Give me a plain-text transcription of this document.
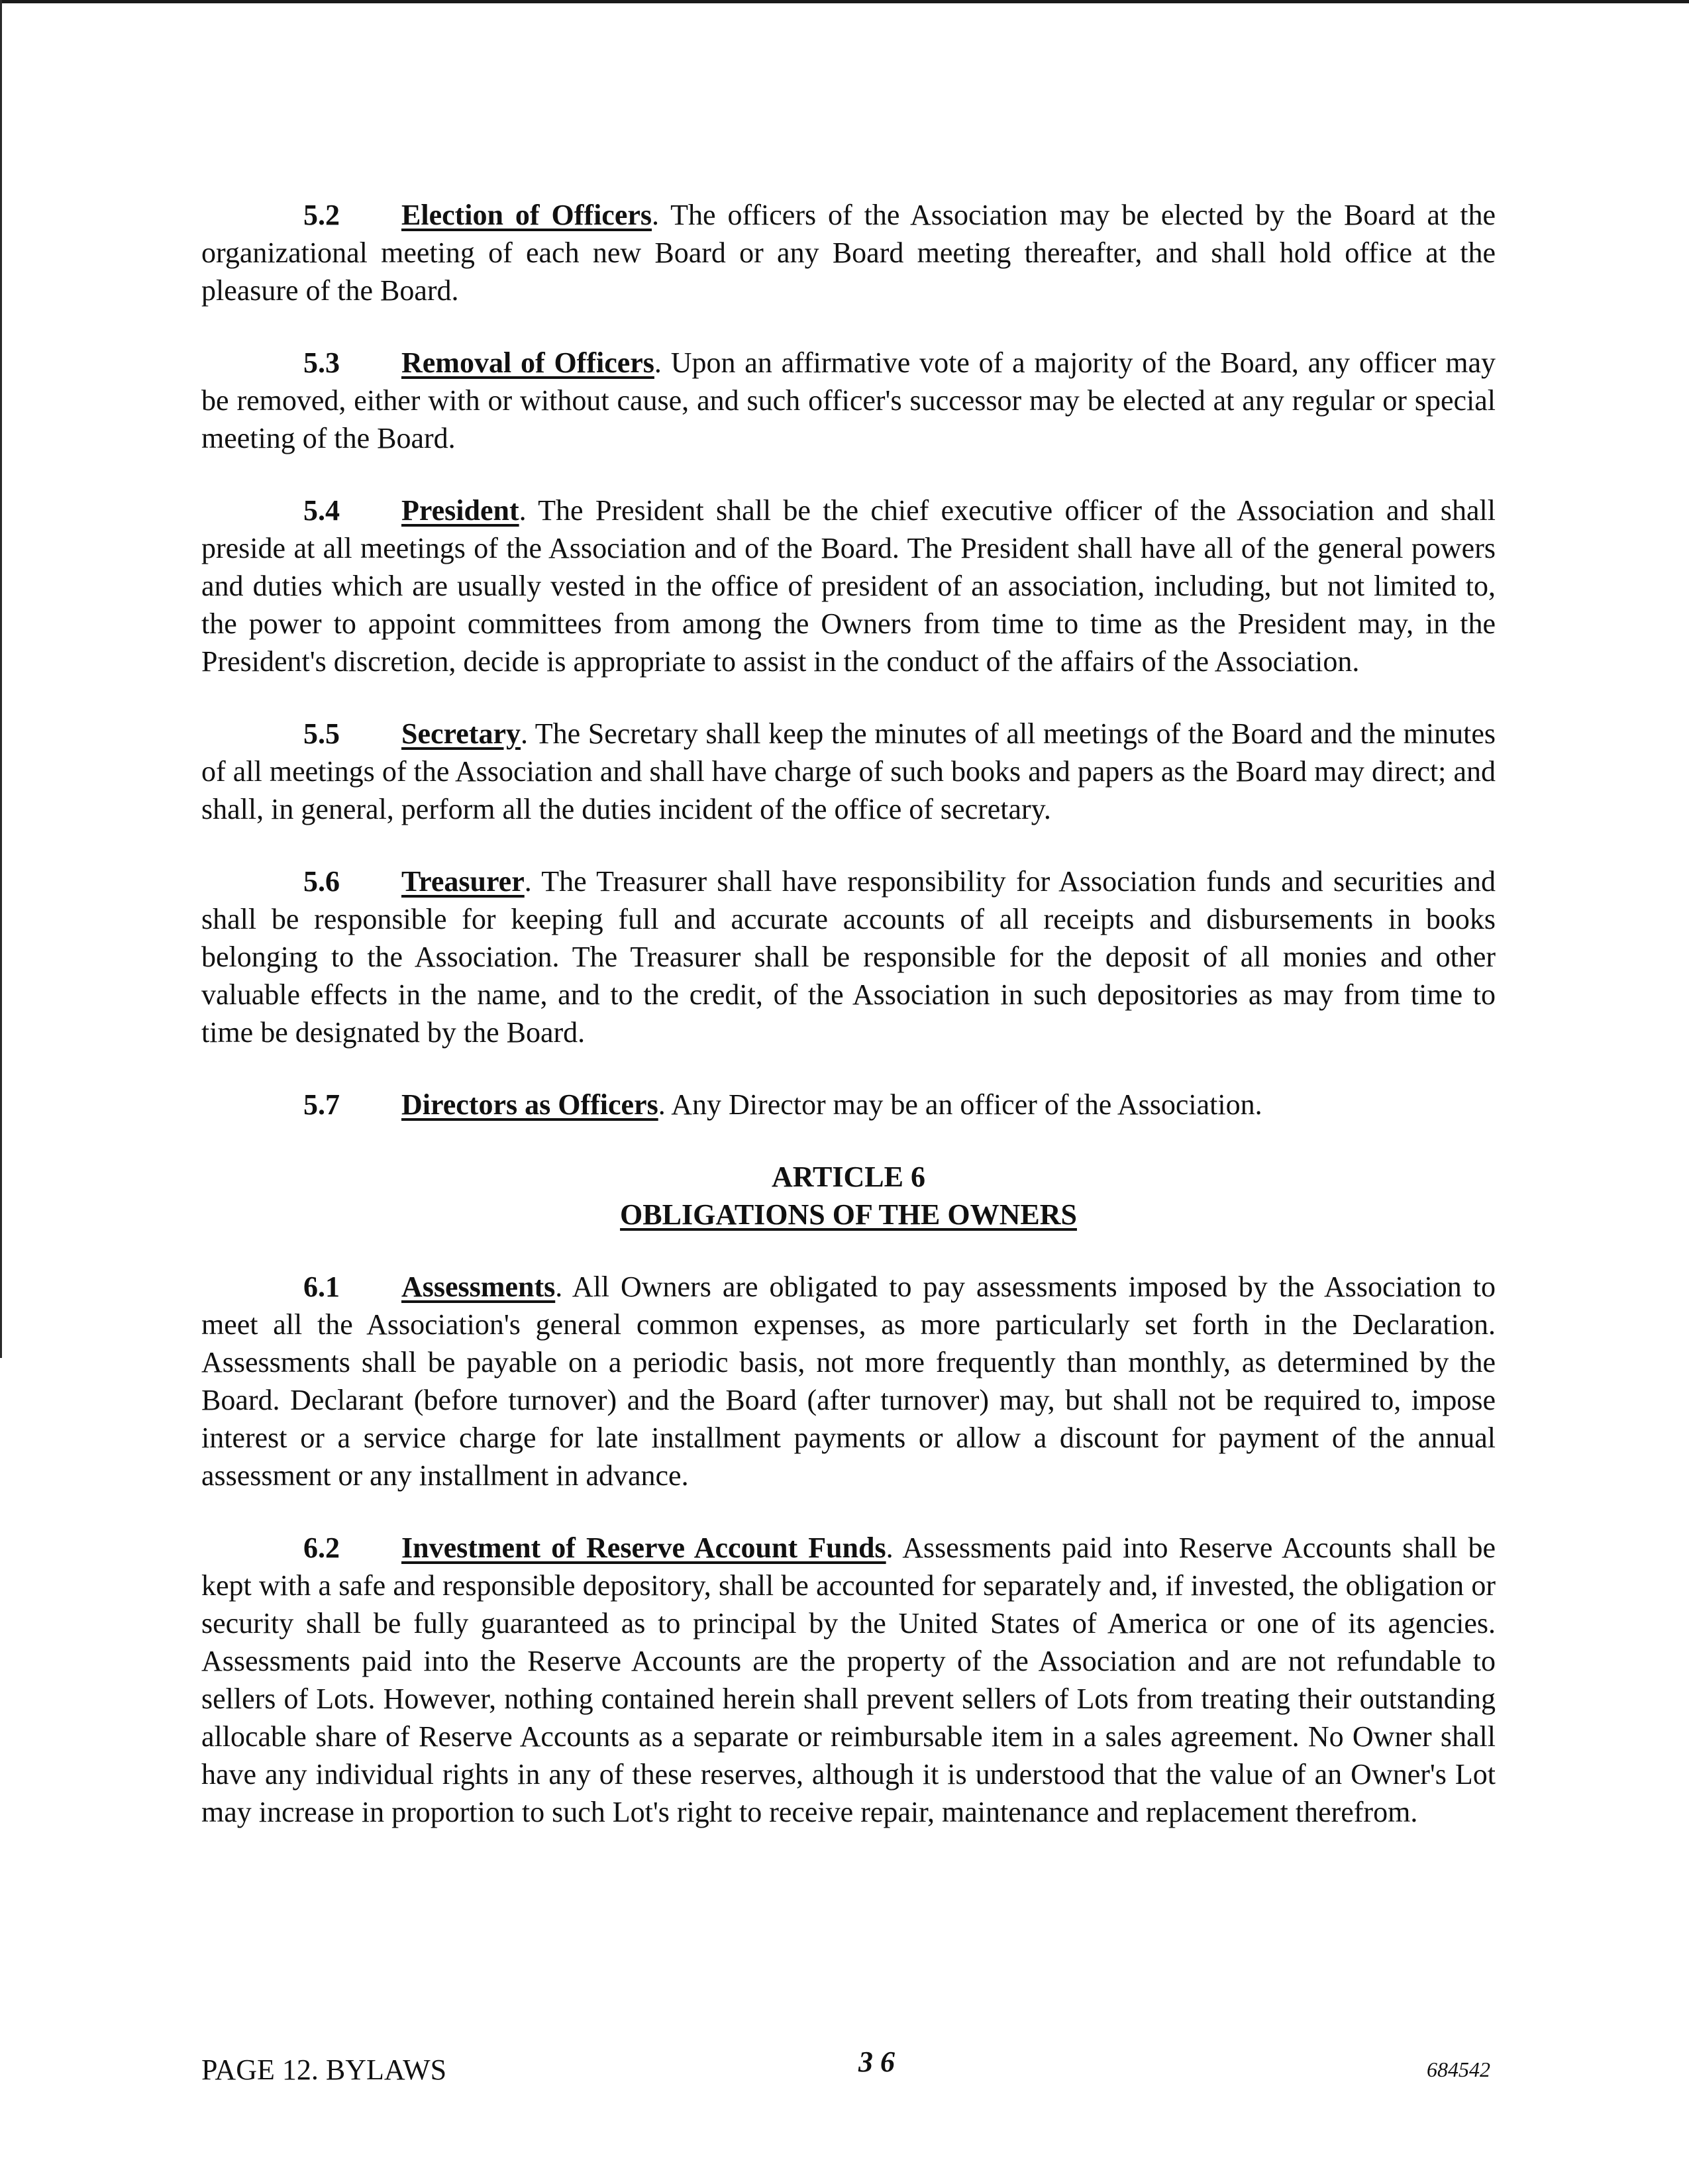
5.2 Election of Officers. The officers of the Association may be elected by the Board at the organizational meeting of each new Board or any Board meeting thereafter, and shall hold office at the pleasure of the Board.

5.3 Removal of Officers. Upon an affirmative vote of a majority of the Board, any officer may be removed, either with or without cause, and such officer's successor may be elected at any regular or special meeting of the Board.

5.4 President. The President shall be the chief executive officer of the Association and shall preside at all meetings of the Association and of the Board. The President shall have all of the general powers and duties which are usually vested in the office of president of an association, including, but not limited to, the power to appoint committees from among the Owners from time to time as the President may, in the President's discretion, decide is appropriate to assist in the conduct of the affairs of the Association.

5.5 Secretary. The Secretary shall keep the minutes of all meetings of the Board and the minutes of all meetings of the Association and shall have charge of such books and papers as the Board may direct; and shall, in general, perform all the duties incident of the office of secretary.

5.6 Treasurer. The Treasurer shall have responsibility for Association funds and securities and shall be responsible for keeping full and accurate accounts of all receipts and disbursements in books belonging to the Association. The Treasurer shall be responsible for the deposit of all monies and other valuable effects in the name, and to the credit, of the Association in such depositories as may from time to time be designated by the Board.

5.7 Directors as Officers. Any Director may be an officer of the Association.

ARTICLE 6
OBLIGATIONS OF THE OWNERS

6.1 Assessments. All Owners are obligated to pay assessments imposed by the Association to meet all the Association's general common expenses, as more particularly set forth in the Declaration. Assessments shall be payable on a periodic basis, not more frequently than monthly, as determined by the Board. Declarant (before turnover) and the Board (after turnover) may, but shall not be required to, impose interest or a service charge for late installment payments or allow a discount for payment of the annual assessment or any installment in advance.

6.2 Investment of Reserve Account Funds. Assessments paid into Reserve Accounts shall be kept with a safe and responsible depository, shall be accounted for separately and, if invested, the obligation or security shall be fully guaranteed as to principal by the United States of America or one of its agencies. Assessments paid into the Reserve Accounts are the property of the Association and are not refundable to sellers of Lots. However, nothing contained herein shall prevent sellers of Lots from treating their outstanding allocable share of Reserve Accounts as a separate or reimbursable item in a sales agreement. No Owner shall have any individual rights in any of these reserves, although it is understood that the value of an Owner's Lot may increase in proportion to such Lot's right to receive repair, maintenance and replacement therefrom.

PAGE 12. BYLAWS	3 6	684542
